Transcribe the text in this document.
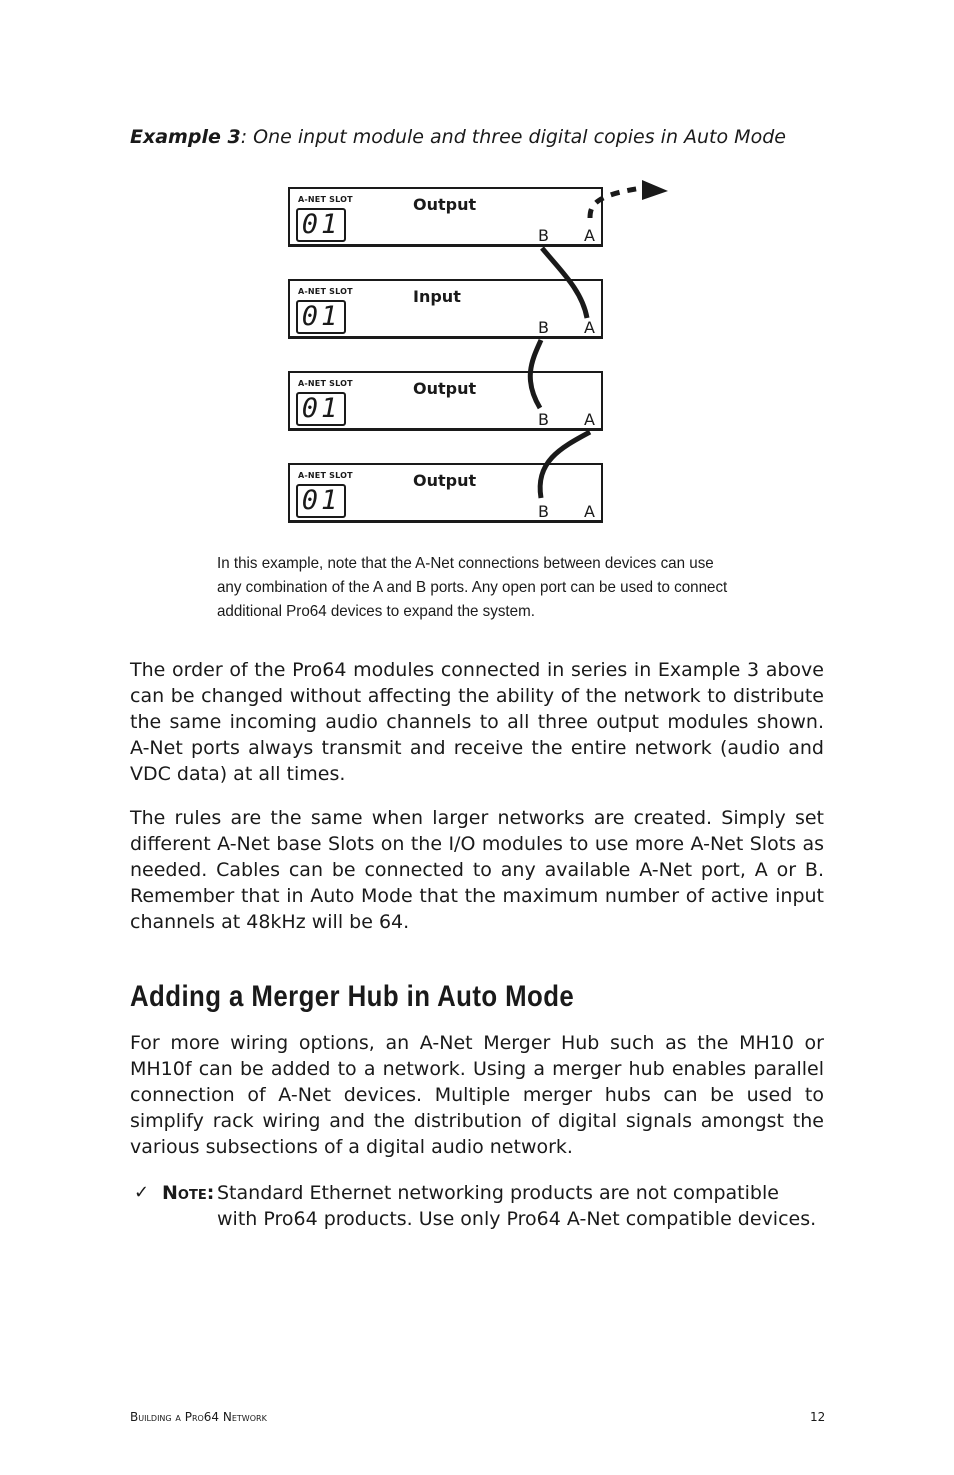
Example 3: One input module and three digital copies in Auto Mode
A-NET SLOT
01
Output
B A
A-NET SLOT
01
Input
B A
A-NET SLOT
01
Output
B A
A-NET SLOT
01
Output
B A

In this example, note that the A-Net connections between devices can use

any combination of the A and B ports. Any open port can be used to connect

additional Pro64 devices to expand the system.

The order of the Pro64 modules connected in series in Example 3 above can be changed without affecting the ability of the network to distribute the same incoming audio channels to all three output modules shown. A-Net ports always transmit and receive the entire network (audio and VDC data) at all times.

The rules are the same when larger networks are created. Simply set different A-Net base Slots on the I/O modules to use more A-Net Slots as needed. Cables can be connected to any available A-Net port, A or B. Remember that in Auto Mode that the maximum number of active input channels at 48kHz will be 64.

Adding a Merger Hub in Auto Mode

For more wiring options, an A-Net Merger Hub such as the MH10 or MH10f can be added to a network. Using a merger hub enables parallel connection of A-Net devices. Multiple merger hubs can be used to simplify rack wiring and the distribution of digital signals amongst the various subsections of a digital audio network.

✓ Note: Standard Ethernet networking products are not compatible with Pro64 products. Use only Pro64 A-Net compatible devices.
Building a Pro64 Network	12
